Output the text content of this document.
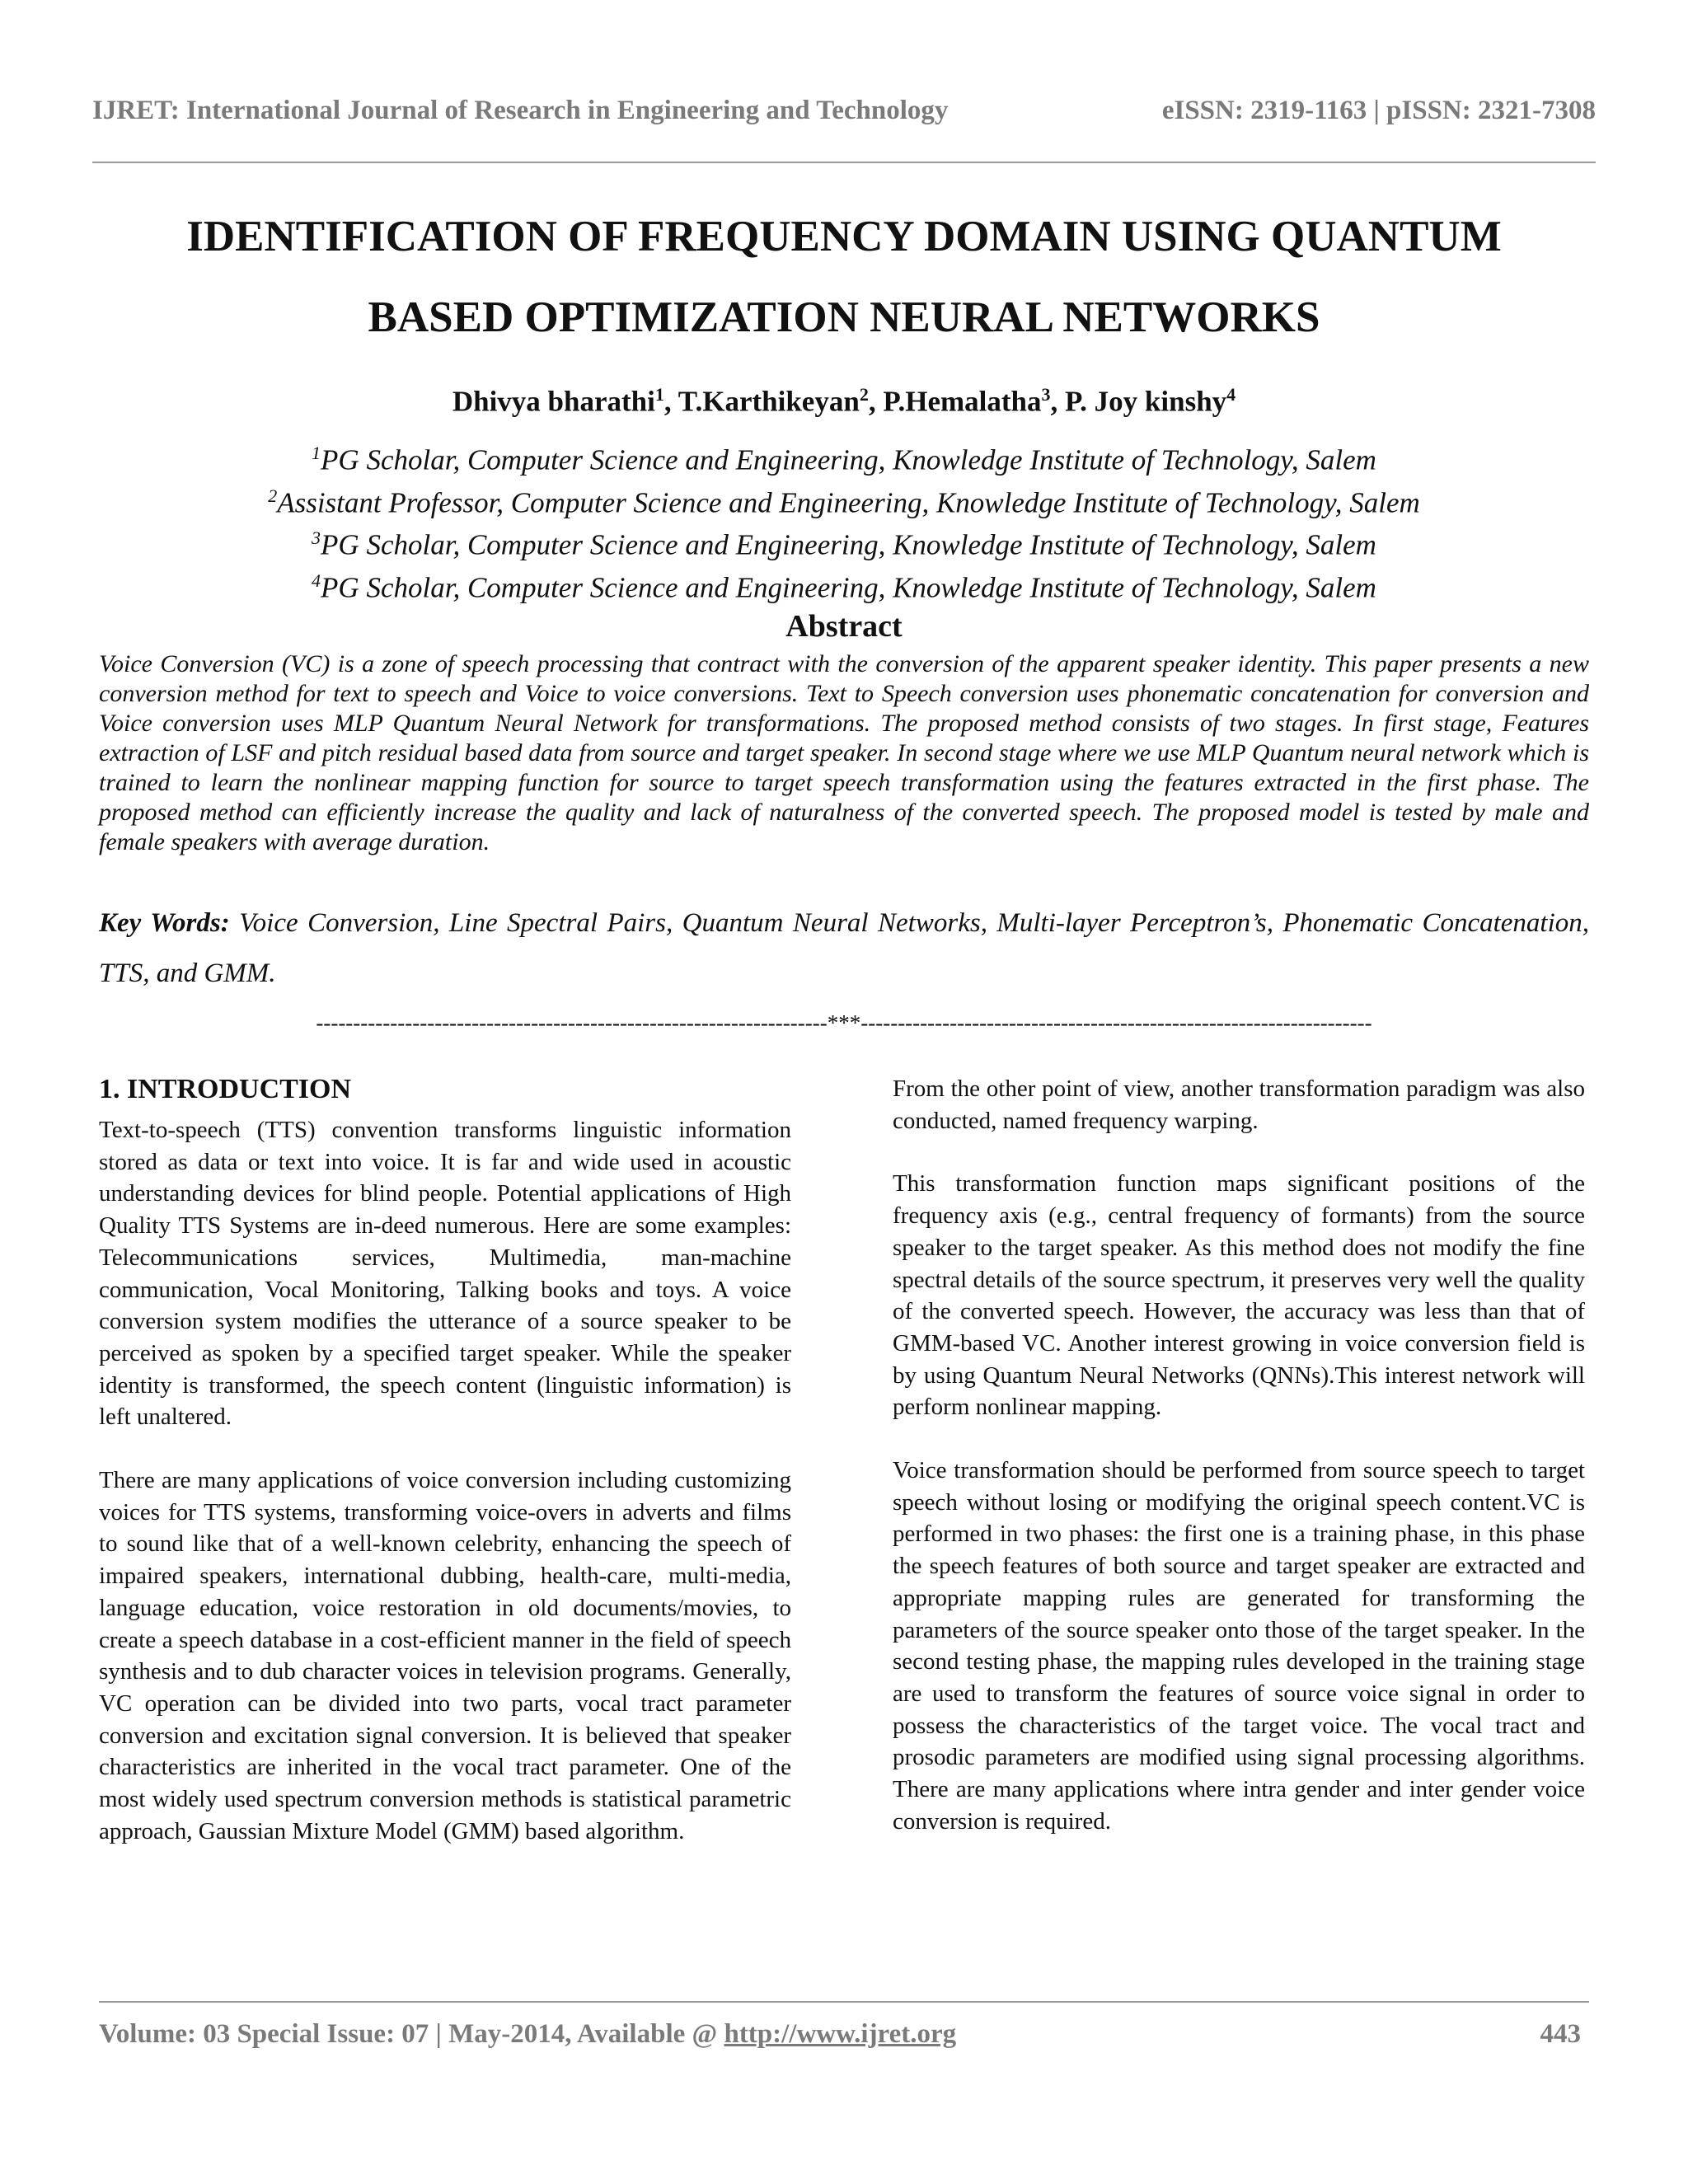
IJRET: International Journal of Research in Engineering and Technology	eISSN: 2319-1163 | pISSN: 2321-7308
IDENTIFICATION OF FREQUENCY DOMAIN USING QUANTUM
BASED OPTIMIZATION NEURAL NETWORKS
Dhivya bharathi$^1$, T.Karthikeyan$^2$, P.Hemalatha$^3$, P. Joy kinshy$^4$
$^1$PG Scholar, Computer Science and Engineering, Knowledge Institute of Technology, Salem
$^2$Assistant Professor, Computer Science and Engineering, Knowledge Institute of Technology, Salem
$^3$PG Scholar, Computer Science and Engineering, Knowledge Institute of Technology, Salem
$^4$PG Scholar, Computer Science and Engineering, Knowledge Institute of Technology, Salem
Abstract
Voice Conversion (VC) is a zone of speech processing that contract with the conversion of the apparent speaker identity. This paper presents a new conversion method for text to speech and Voice to voice conversions. Text to Speech conversion uses phonematic concatenation for conversion and Voice conversion uses MLP Quantum Neural Network for transformations. The proposed method consists of two stages. In first stage, Features extraction of LSF and pitch residual based data from source and target speaker. In second stage where we use MLP Quantum neural network which is trained to learn the nonlinear mapping function for source to target speech transformation using the features extracted in the first phase. The proposed method can efficiently increase the quality and lack of naturalness of the converted speech. The proposed model is tested by male and female speakers with average duration.
Key Words: Voice Conversion, Line Spectral Pairs, Quantum Neural Networks, Multi-layer Perceptron’s, Phonematic Concatenation, TTS, and GMM.
---------------------------------------------------------------------***---------------------------------------------------------------------
1. INTRODUCTION

Text-to-speech (TTS) convention transforms linguistic information stored as data or text into voice. It is far and wide used in acoustic understanding devices for blind people. Potential applications of High Quality TTS Systems are in-deed numerous. Here are some examples: Telecommunications services, Multimedia, man-machine communication, Vocal Monitoring, Talking books and toys. A voice conversion system modifies the utterance of a source speaker to be perceived as spoken by a specified target speaker. While the speaker identity is transformed, the speech content (linguistic information) is left unaltered.

There are many applications of voice conversion including customizing voices for TTS systems, transforming voice-overs in adverts and films to sound like that of a well-known celebrity, enhancing the speech of impaired speakers, international dubbing, health-care, multi-media, language education, voice restoration in old documents/movies, to create a speech database in a cost-efficient manner in the field of speech synthesis and to dub character voices in television programs. Generally, VC operation can be divided into two parts, vocal tract parameter conversion and excitation signal conversion. It is believed that speaker characteristics are inherited in the vocal tract parameter. One of the most widely used spectrum conversion methods is statistical parametric approach, Gaussian Mixture Model (GMM) based algorithm.

From the other point of view, another transformation paradigm was also conducted, named frequency warping.

This transformation function maps significant positions of the frequency axis (e.g., central frequency of formants) from the source speaker to the target speaker. As this method does not modify the fine spectral details of the source spectrum, it preserves very well the quality of the converted speech. However, the accuracy was less than that of GMM-based VC. Another interest growing in voice conversion field is by using Quantum Neural Networks (QNNs).This interest network will perform nonlinear mapping.

Voice transformation should be performed from source speech to target speech without losing or modifying the original speech content.VC is performed in two phases: the first one is a training phase, in this phase the speech features of both source and target speaker are extracted and appropriate mapping rules are generated for transforming the parameters of the source speaker onto those of the target speaker. In the second testing phase, the mapping rules developed in the training stage are used to transform the features of source voice signal in order to possess the characteristics of the target voice. The vocal tract and prosodic parameters are modified using signal processing algorithms. There are many applications where intra gender and inter gender voice conversion is required.

Volume: 03 Special Issue: 07 | May-2014, Available @ http://www.ijret.org	443
